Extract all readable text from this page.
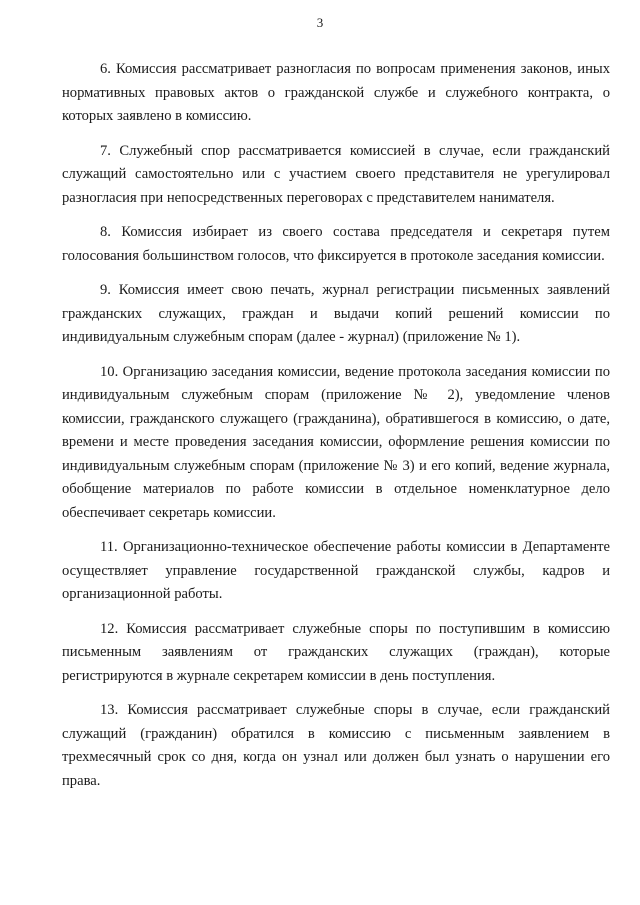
3

6. Комиссия рассматривает разногласия по вопросам применения законов, иных нормативных правовых актов о гражданской службе и служебного контракта, о которых заявлено в комиссию.

7. Служебный спор рассматривается комиссией в случае, если гражданский служащий самостоятельно или с участием своего представителя не урегулировал разногласия при непосредственных переговорах с представителем нанимателя.

8. Комиссия избирает из своего состава председателя и секретаря путем голосования большинством голосов, что фиксируется в протоколе заседания комиссии.

9. Комиссия имеет свою печать, журнал регистрации письменных заявлений гражданских служащих, граждан и выдачи копий решений комиссии по индивидуальным служебным спорам (далее - журнал) (приложение № 1).

10. Организацию заседания комиссии, ведение протокола заседания комиссии по индивидуальным служебным спорам (приложение № 2), уведомление членов комиссии, гражданского служащего (гражданина), обратившегося в комиссию, о дате, времени и месте проведения заседания комиссии, оформление решения комиссии по индивидуальным служебным спорам (приложение № 3) и его копий, ведение журнала, обобщение материалов по работе комиссии в отдельное номенклатурное дело обеспечивает секретарь комиссии.

11. Организационно-техническое обеспечение работы комиссии в Департаменте осуществляет управление государственной гражданской службы, кадров и организационной работы.

12. Комиссия рассматривает служебные споры по поступившим в комиссию письменным заявлениям от гражданских служащих (граждан), которые регистрируются в журнале секретарем комиссии в день поступления.

13. Комиссия рассматривает служебные споры в случае, если гражданский служащий (гражданин) обратился в комиссию с письменным заявлением в трехмесячный срок со дня, когда он узнал или должен был узнать о нарушении его права.
